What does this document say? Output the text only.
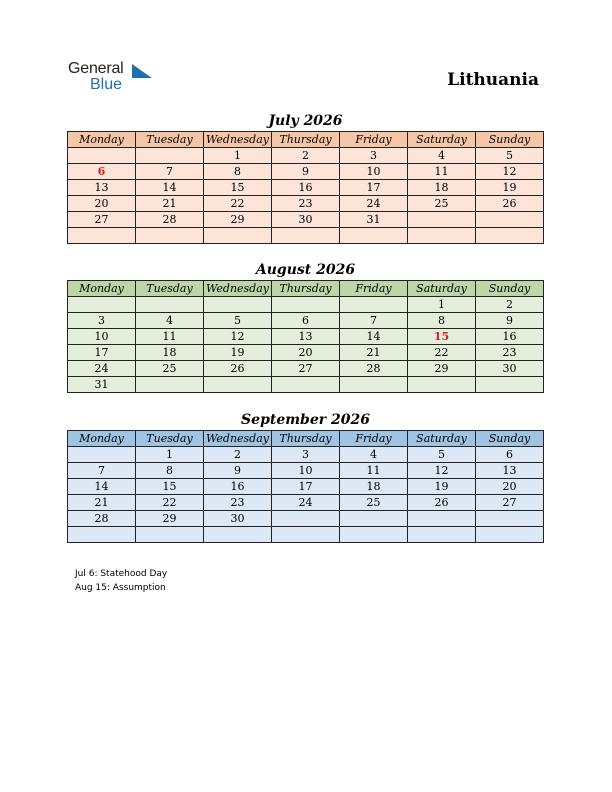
General
Blue	Lithuania
July 2026
Monday	Tuesday	Wednesday	Thursday	Friday	Saturday	Sunday
		1	2	3	4	5
6	7	8	9	10	11	12
13	14	15	16	17	18	19
20	21	22	23	24	25	26
27	28	29	30	31		

August 2026
Monday	Tuesday	Wednesday	Thursday	Friday	Saturday	Sunday
					1	2
3	4	5	6	7	8	9
10	11	12	13	14	15	16
17	18	19	20	21	22	23
24	25	26	27	28	29	30
31						
September 2026
Monday	Tuesday	Wednesday	Thursday	Friday	Saturday	Sunday
	1	2	3	4	5	6
7	8	9	10	11	12	13
14	15	16	17	18	19	20
21	22	23	24	25	26	27
28	29	30				

Jul 6: Statehood Day
Aug 15: Assumption
